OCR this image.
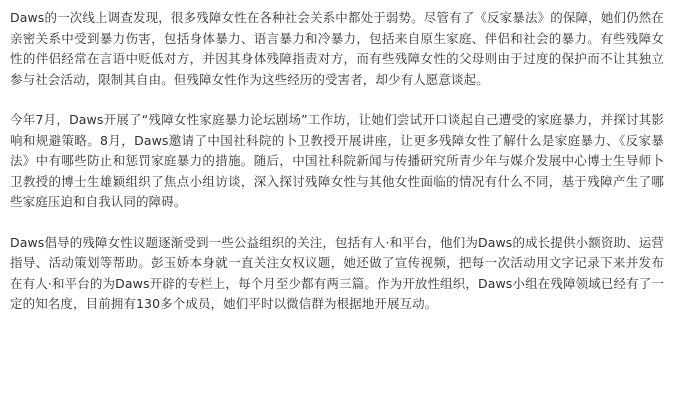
Daws的一次线上调查发现，很多残障女性在各种社会关系中都处于弱势。尽管有了《反家暴法》的保障，她们仍然在亲密关系中受到暴力伤害，包括身体暴力、语言暴力和冷暴力，包括来自原生家庭、伴侣和社会的暴力。有些残障女性的伴侣经常在言语中贬低对方，并因其身体残障指责对方，而有些残障女性的父母则由于过度的保护而不让其独立参与社会活动，限制其自由。但残障女性作为这些经历的受害者，却少有人愿意谈起。

今年7月，Daws开展了“残障女性家庭暴力论坛剧场”工作坊，让她们尝试开口谈起自己遭受的家庭暴力，并探讨其影响和规避策略。8月，Daws邀请了中国社科院的卜卫教授开展讲座，让更多残障女性了解什么是家庭暴力、《反家暴法》中有哪些防止和惩罚家庭暴力的措施。随后，中国社科院新闻与传播研究所青少年与媒介发展中心博士生导师卜卫教授的博士生雄颖组织了焦点小组访谈，深入探讨残障女性与其他女性面临的情况有什么不同，基于残障产生了哪些家庭压迫和自我认同的障碍。

Daws倡导的残障女性议题逐渐受到一些公益组织的关注，包括有人·和平台，他们为Daws的成长提供小额资助、运营指导、活动策划等帮助。彭玉娇本身就一直关注女权议题，她还做了宣传视频，把每一次活动用文字记录下来并发布在有人·和平台的为Daws开辟的专栏上，每个月至少都有两三篇。作为开放性组织，Daws小组在残障领域已经有了一定的知名度，目前拥有130多个成员，她们平时以微信群为根据地开展互动。
